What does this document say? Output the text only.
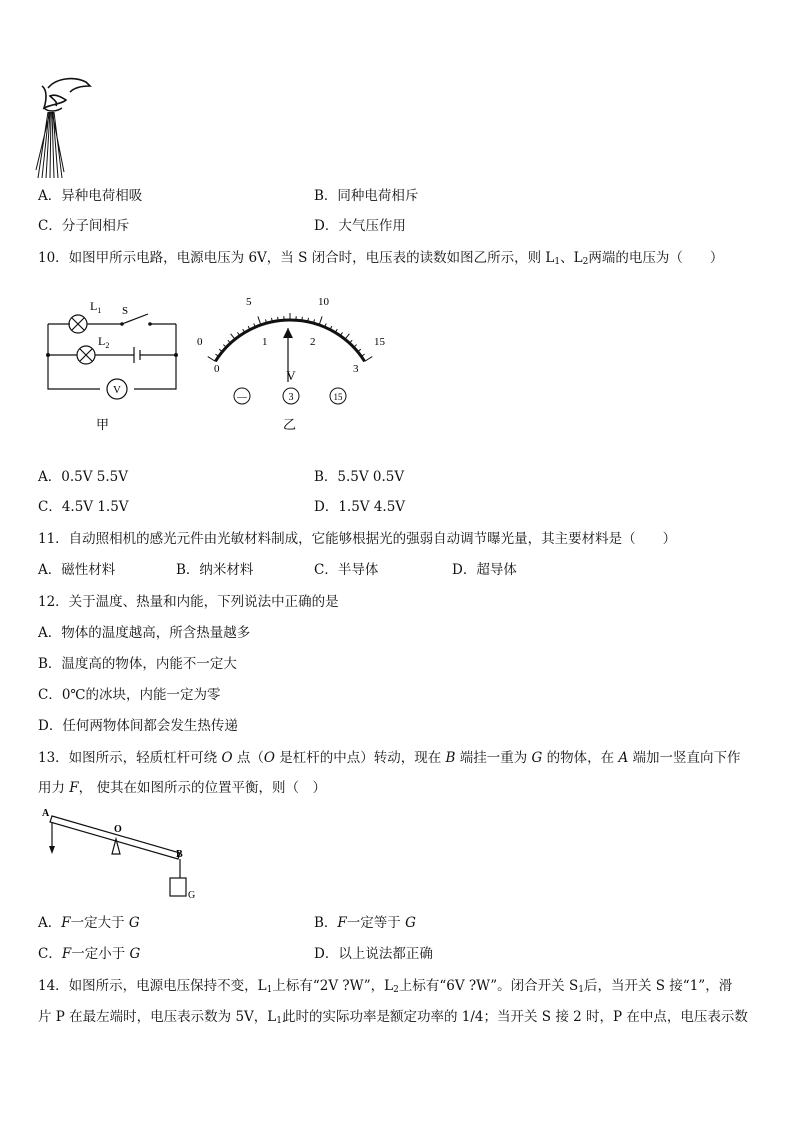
A．异种电荷相吸	B．同种电荷相斥
C．分子间相斥	D．大气压作用
10．如图甲所示电路，电源电压为 6V，当 S 闭合时，电压表的读数如图乙所示，则 $L_1$、$L_2$两端的电压为（　　）
$L_1$ S
$L_2$
V
甲
0
5	10
15
0
1	2
3
V
—	3	15
乙
A．0.5V 5.5V	B．5.5V 0.5V
C．4.5V 1.5V	D．1.5V 4.5V
11．自动照相机的感光元件由光敏材料制成，它能够根据光的强弱自动调节曝光量，其主要材料是（　　）
A．磁性材料	B．纳米材料	C．半导体	D．超导体
12．关于温度、热量和内能，下列说法中正确的是
A．物体的温度越高，所含热量越多
B．温度高的物体，内能不一定大
C．0℃的冰块，内能一定为零
D．任何两物体间都会发生热传递
13．如图所示，轻质杠杆可绕 O 点（O 是杠杆的中点）转动，现在 B 端挂一重为 G 的物体，在 A 端加一竖直向下作
用力 F， 使其在如图所示的位置平衡，则（　）
A
O
B
G
A．F一定大于 G	B．F一定等于 G
C．F一定小于 G	D．以上说法都正确
14．如图所示，电源电压保持不变，$L_1$上标有“2V ?W”，$L_2$上标有“6V ?W”。闭合开关 $S_1$后，当开关 S 接“1”，滑
片 P 在最左端时，电压表示数为 5V，$L_1$此时的实际功率是额定功率的 1/4；当开关 S 接 2 时，P 在中点，电压表示数
